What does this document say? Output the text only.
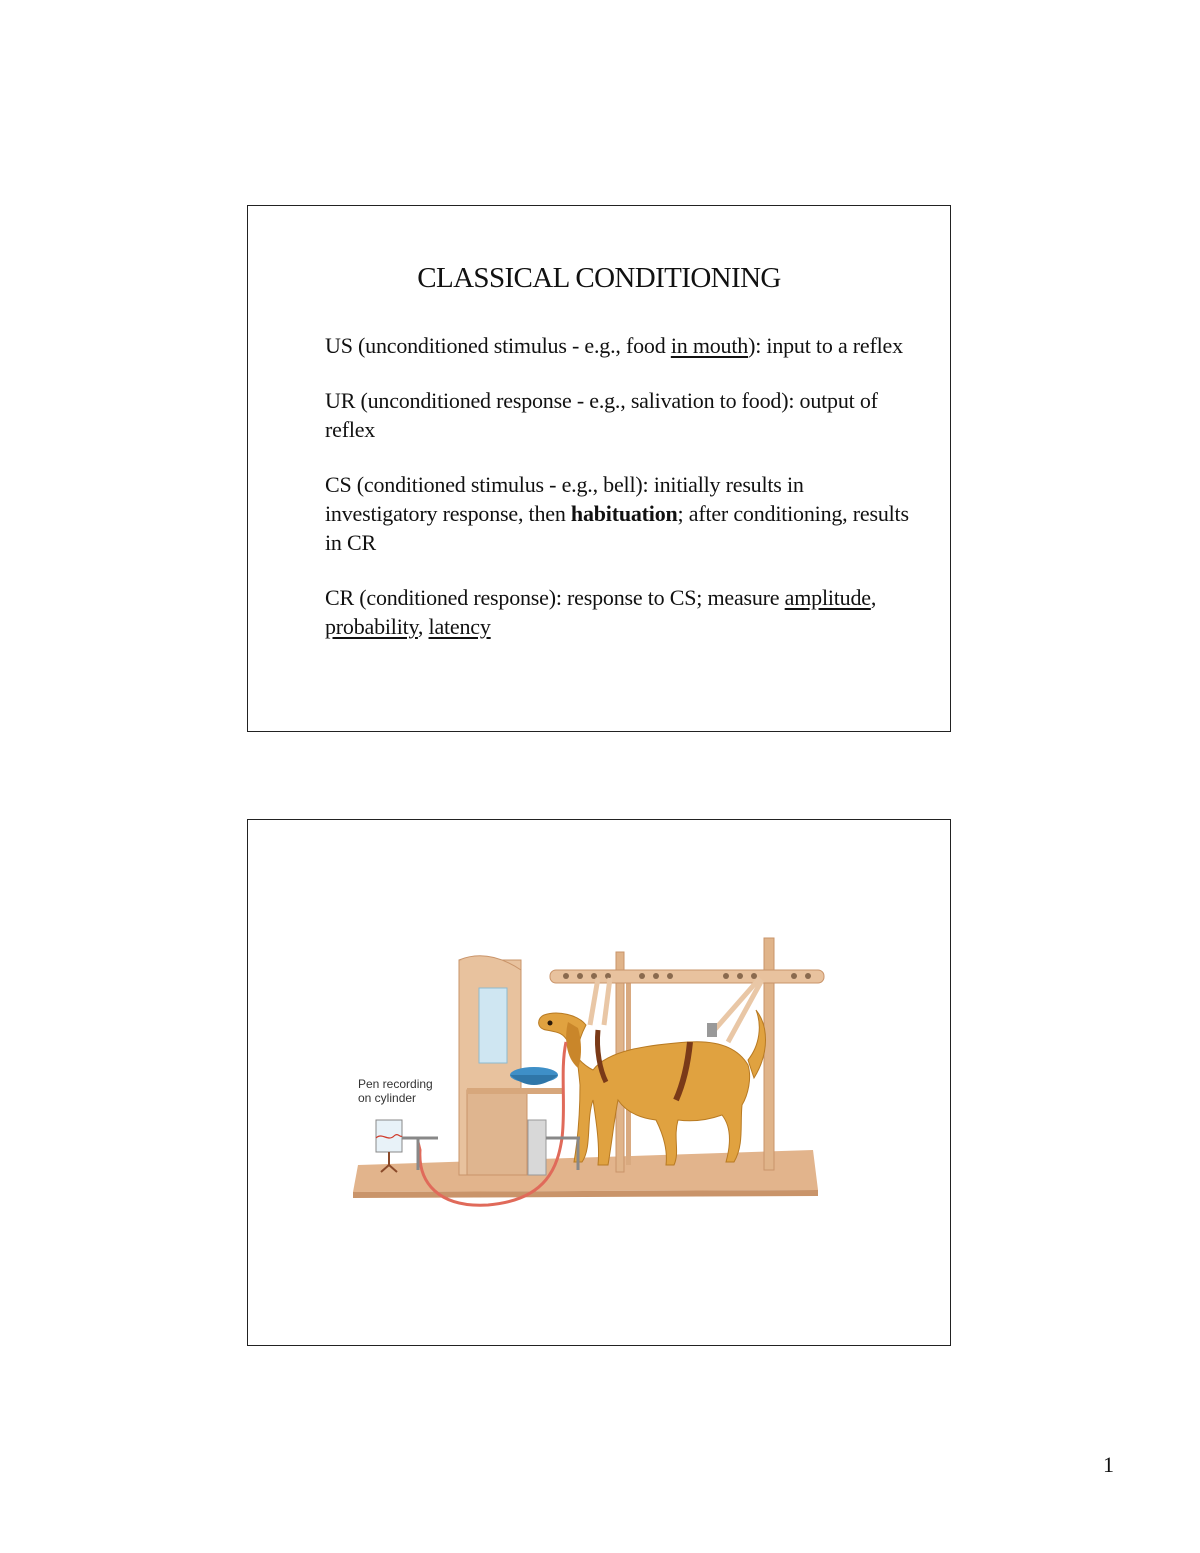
CLASSICAL CONDITIONING

US (unconditioned stimulus - e.g., food in mouth): input to a reflex

UR (unconditioned response - e.g., salivation to food): output of reflex

CS (conditioned stimulus - e.g., bell): initially results in investigatory response, then habituation; after conditioning, results in CR

CR (conditioned response): response to CS; measure amplitude, probability, latency

Pen recording
on cylinder
1
